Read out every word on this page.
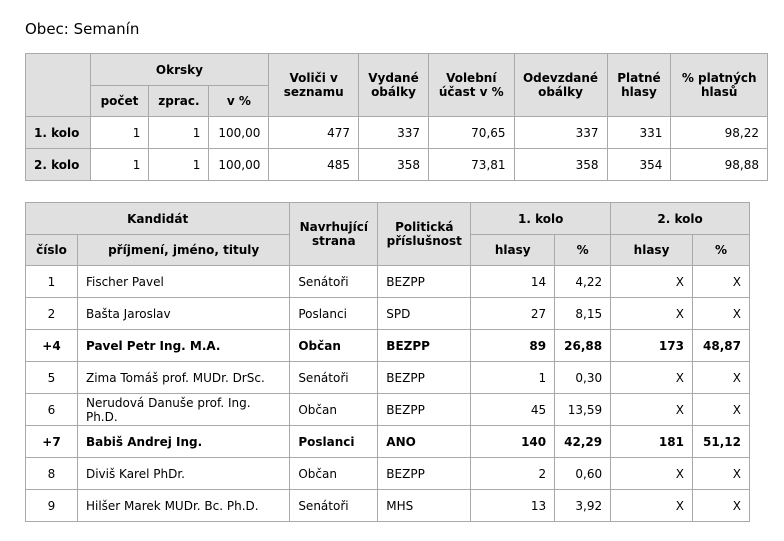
Obec: Semanín
	Okrsky			Voliči v seznamu	Vydané obálky	Volební účast v %	Odevzdané obálky	Platné hlasy	% platných hlasů
	počet	zprac.	v %						
1. kolo	1	1	100,00	477	337	70,65	337	331	98,22
2. kolo	1	1	100,00	485	358	73,81	358	354	98,88
Kandidát		Navrhující strana	Politická příslušnost	1. kolo		2. kolo	
číslo	příjmení, jméno, tituly			hlasy	%	hlasy	%
1	Fischer Pavel	Senátoři	BEZPP	14	4,22	X	X
2	Bašta Jaroslav	Poslanci	SPD	27	8,15	X	X
+4	Pavel Petr Ing. M.A.	Občan	BEZPP	89	26,88	173	48,87
5	Zima Tomáš prof. MUDr. DrSc.	Senátoři	BEZPP	1	0,30	X	X
6	Nerudová Danuše prof. Ing. Ph.D.	Občan	BEZPP	45	13,59	X	X
+7	Babiš Andrej Ing.	Poslanci	ANO	140	42,29	181	51,12
8	Diviš Karel PhDr.	Občan	BEZPP	2	0,60	X	X
9	Hilšer Marek MUDr. Bc. Ph.D.	Senátoři	MHS	13	3,92	X	X
